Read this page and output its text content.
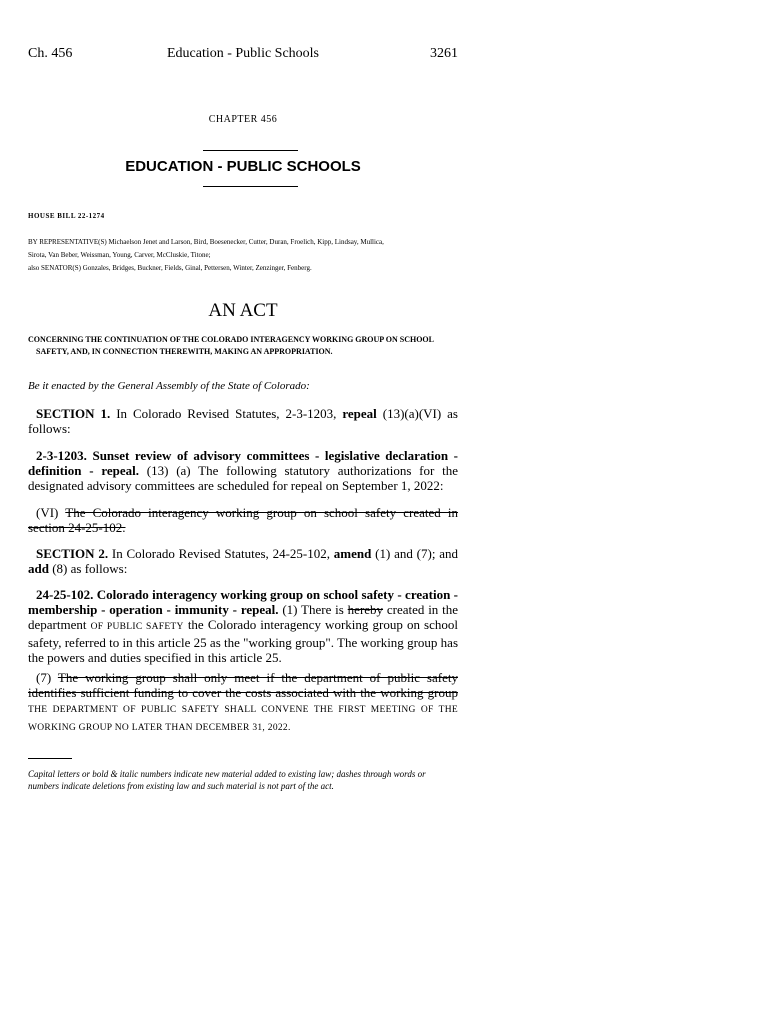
Ch. 456	Education - Public Schools	3261
CHAPTER 456
EDUCATION - PUBLIC SCHOOLS
HOUSE BILL 22-1274
BY REPRESENTATIVE(S) Michaelson Jenet and Larson, Bird, Boesenecker, Cutter, Duran, Froelich, Kipp, Lindsay, Mullica,
Sirota, Van Beber, Weissman, Young, Carver, McCluskie, Titone;
also SENATOR(S) Gonzales, Bridges, Buckner, Fields, Ginal, Pettersen, Winter, Zenzinger, Fenberg.
AN ACT
CONCERNING THE CONTINUATION OF THE COLORADO INTERAGENCY WORKING GROUP ON SCHOOL
SAFETY, AND, IN CONNECTION THEREWITH, MAKING AN APPROPRIATION.
Be it enacted by the General Assembly of the State of Colorado:
SECTION 1. In Colorado Revised Statutes, 2-3-1203, repeal (13)(a)(VI) as follows:
2-3-1203. Sunset review of advisory committees - legislative declaration - definition - repeal. (13) (a) The following statutory authorizations for the designated advisory committees are scheduled for repeal on September 1, 2022:
(VI) The Colorado interagency working group on school safety created in section 24-25-102.
SECTION 2. In Colorado Revised Statutes, 24-25-102, amend (1) and (7); and add (8) as follows:
24-25-102. Colorado interagency working group on school safety - creation - membership - operation - immunity - repeal. (1) There is hereby created in the department OF PUBLIC SAFETY the Colorado interagency working group on school safety, referred to in this article 25 as the "working group". The working group has the powers and duties specified in this article 25.
(7) The working group shall only meet if the department of public safety identifies sufficient funding to cover the costs associated with the working group THE DEPARTMENT OF PUBLIC SAFETY SHALL CONVENE THE FIRST MEETING OF THE WORKING GROUP NO LATER THAN DECEMBER 31, 2022.
Capital letters or bold & italic numbers indicate new material added to existing law; dashes through words or numbers indicate deletions from existing law and such material is not part of the act.
